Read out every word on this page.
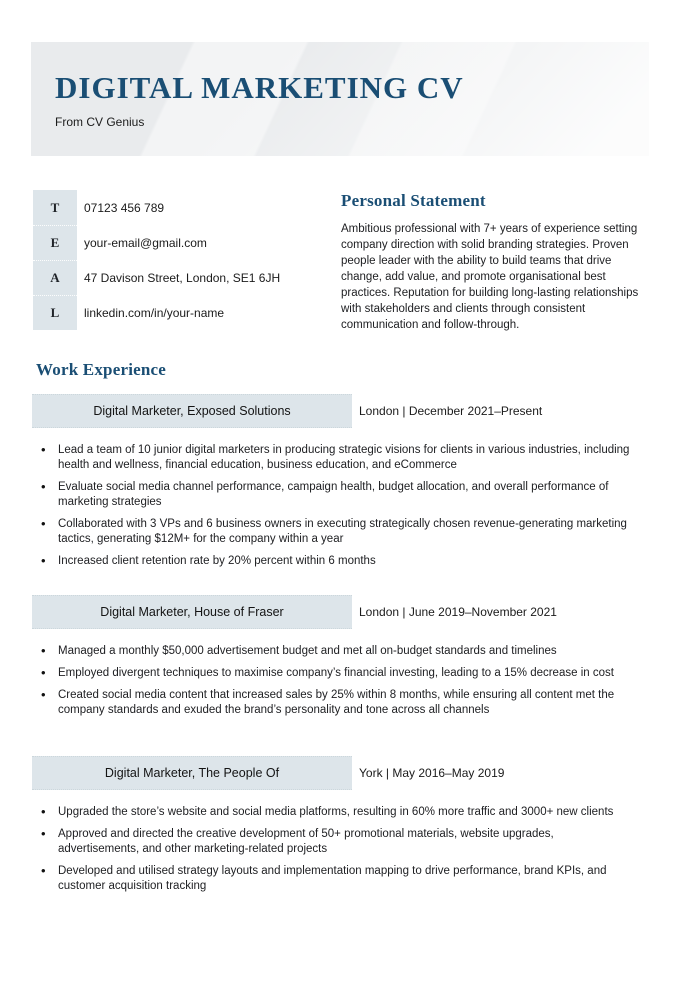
DIGITAL MARKETING CV
From CV Genius
T	07123 456 789
E	your-email@gmail.com
A	47 Davison Street, London, SE1 6JH
L	linkedin.com/in/your-name
Personal Statement

Ambitious professional with 7+ years of experience setting company direction with solid branding strategies. Proven people leader with the ability to build teams that drive change, add value, and promote organisational best practices. Reputation for building long-lasting relationships with stakeholders and clients through consistent communication and follow-through.

Work Experience
Digital Marketer, Exposed Solutions	London | December 2021–Present
• Lead a team of 10 junior digital marketers in producing strategic visions for clients in various industries, including health and wellness, financial education, business education, and eCommerce
• Evaluate social media channel performance, campaign health, budget allocation, and overall performance of marketing strategies
• Collaborated with 3 VPs and 6 business owners in executing strategically chosen revenue-generating marketing tactics, generating $12M+ for the company within a year
• Increased client retention rate by 20% percent within 6 months
Digital Marketer, House of Fraser	London | June 2019–November 2021
• Managed a monthly $50,000 advertisement budget and met all on-budget standards and timelines
• Employed divergent techniques to maximise company’s financial investing, leading to a 15% decrease in cost
• Created social media content that increased sales by 25% within 8 months, while ensuring all content met the company standards and exuded the brand’s personality and tone across all channels
Digital Marketer, The People Of	York | May 2016–May 2019
• Upgraded the store’s website and social media platforms, resulting in 60% more traffic and 3000+ new clients
• Approved and directed the creative development of 50+ promotional materials, website upgrades, advertisements, and other marketing-related projects
• Developed and utilised strategy layouts and implementation mapping to drive performance, brand KPIs, and customer acquisition tracking
